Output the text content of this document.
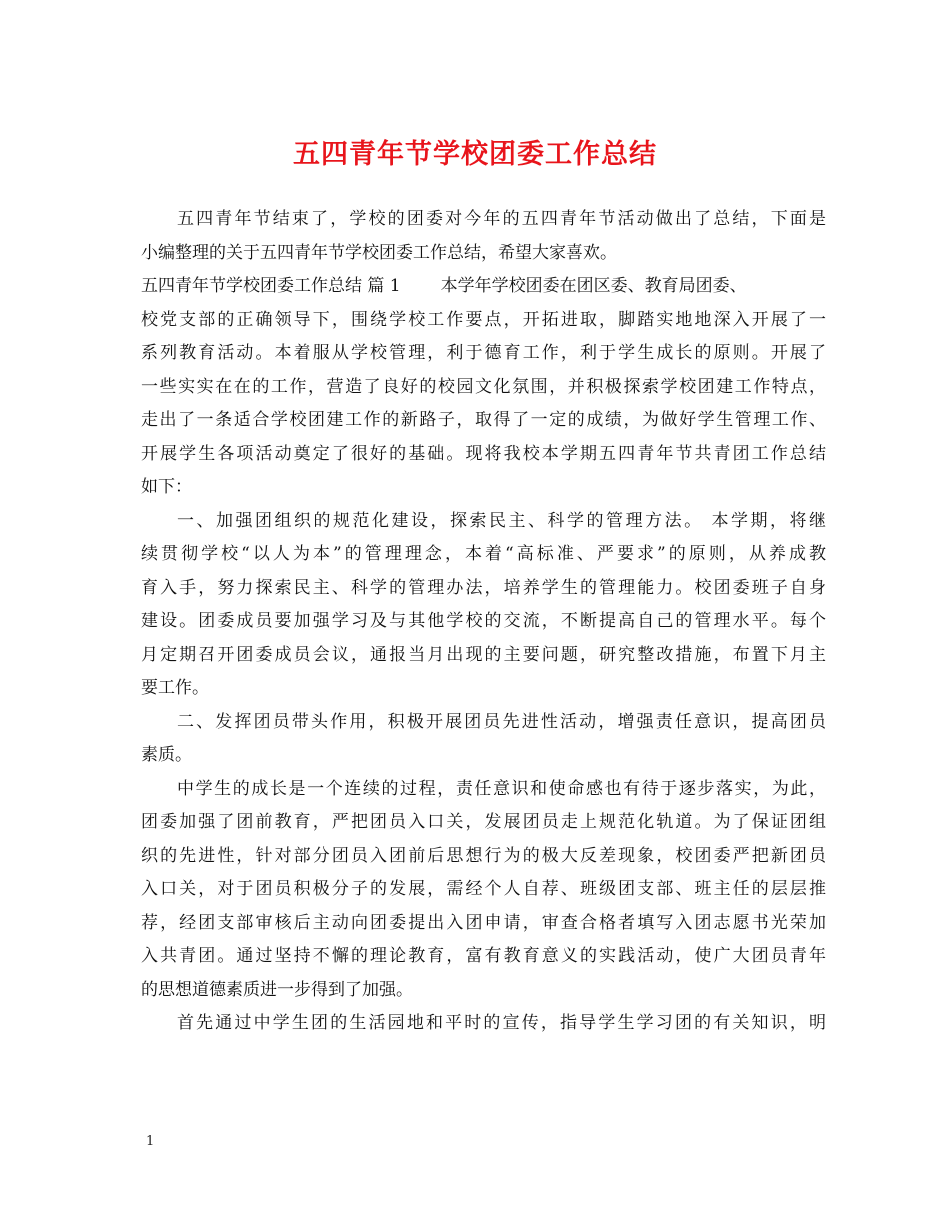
五四青年节学校团委工作总结
五四青年节结束了，学校的团委对今年的五四青年节活动做出了总结，下面是
小编整理的关于五四青年节学校团委工作总结，希望大家喜欢。
五四青年节学校团委工作总结 篇 1 本学年学校团委在团区委、教育局团委、
校党支部的正确领导下，围绕学校工作要点，开拓进取，脚踏实地地深入开展了一
系列教育活动。本着服从学校管理，利于德育工作，利于学生成长的原则。开展了
一些实实在在的工作，营造了良好的校园文化氛围，并积极探索学校团建工作特点，
走出了一条适合学校团建工作的新路子，取得了一定的成绩，为做好学生管理工作、
开展学生各项活动奠定了很好的基础。现将我校本学期五四青年节共青团工作总结
如下：
一、加强团组织的规范化建设，探索民主、科学的管理方法。 本学期，将继
续贯彻学校“以人为本”的管理理念，本着“高标准、严要求”的原则，从养成教
育入手，努力探索民主、科学的管理办法，培养学生的管理能力。校团委班子自身
建设。团委成员要加强学习及与其他学校的交流，不断提高自己的管理水平。每个
月定期召开团委成员会议，通报当月出现的主要问题，研究整改措施，布置下月主
要工作。
二、发挥团员带头作用，积极开展团员先进性活动，增强责任意识，提高团员
素质。
中学生的成长是一个连续的过程，责任意识和使命感也有待于逐步落实，为此，
团委加强了团前教育，严把团员入口关，发展团员走上规范化轨道。为了保证团组
织的先进性，针对部分团员入团前后思想行为的极大反差现象，校团委严把新团员
入口关，对于团员积极分子的发展，需经个人自荐、班级团支部、班主任的层层推
荐，经团支部审核后主动向团委提出入团申请，审查合格者填写入团志愿书光荣加
入共青团。通过坚持不懈的理论教育，富有教育意义的实践活动，使广大团员青年
的思想道德素质进一步得到了加强。
首先通过中学生团的生活园地和平时的宣传，指导学生学习团的有关知识，明
1
